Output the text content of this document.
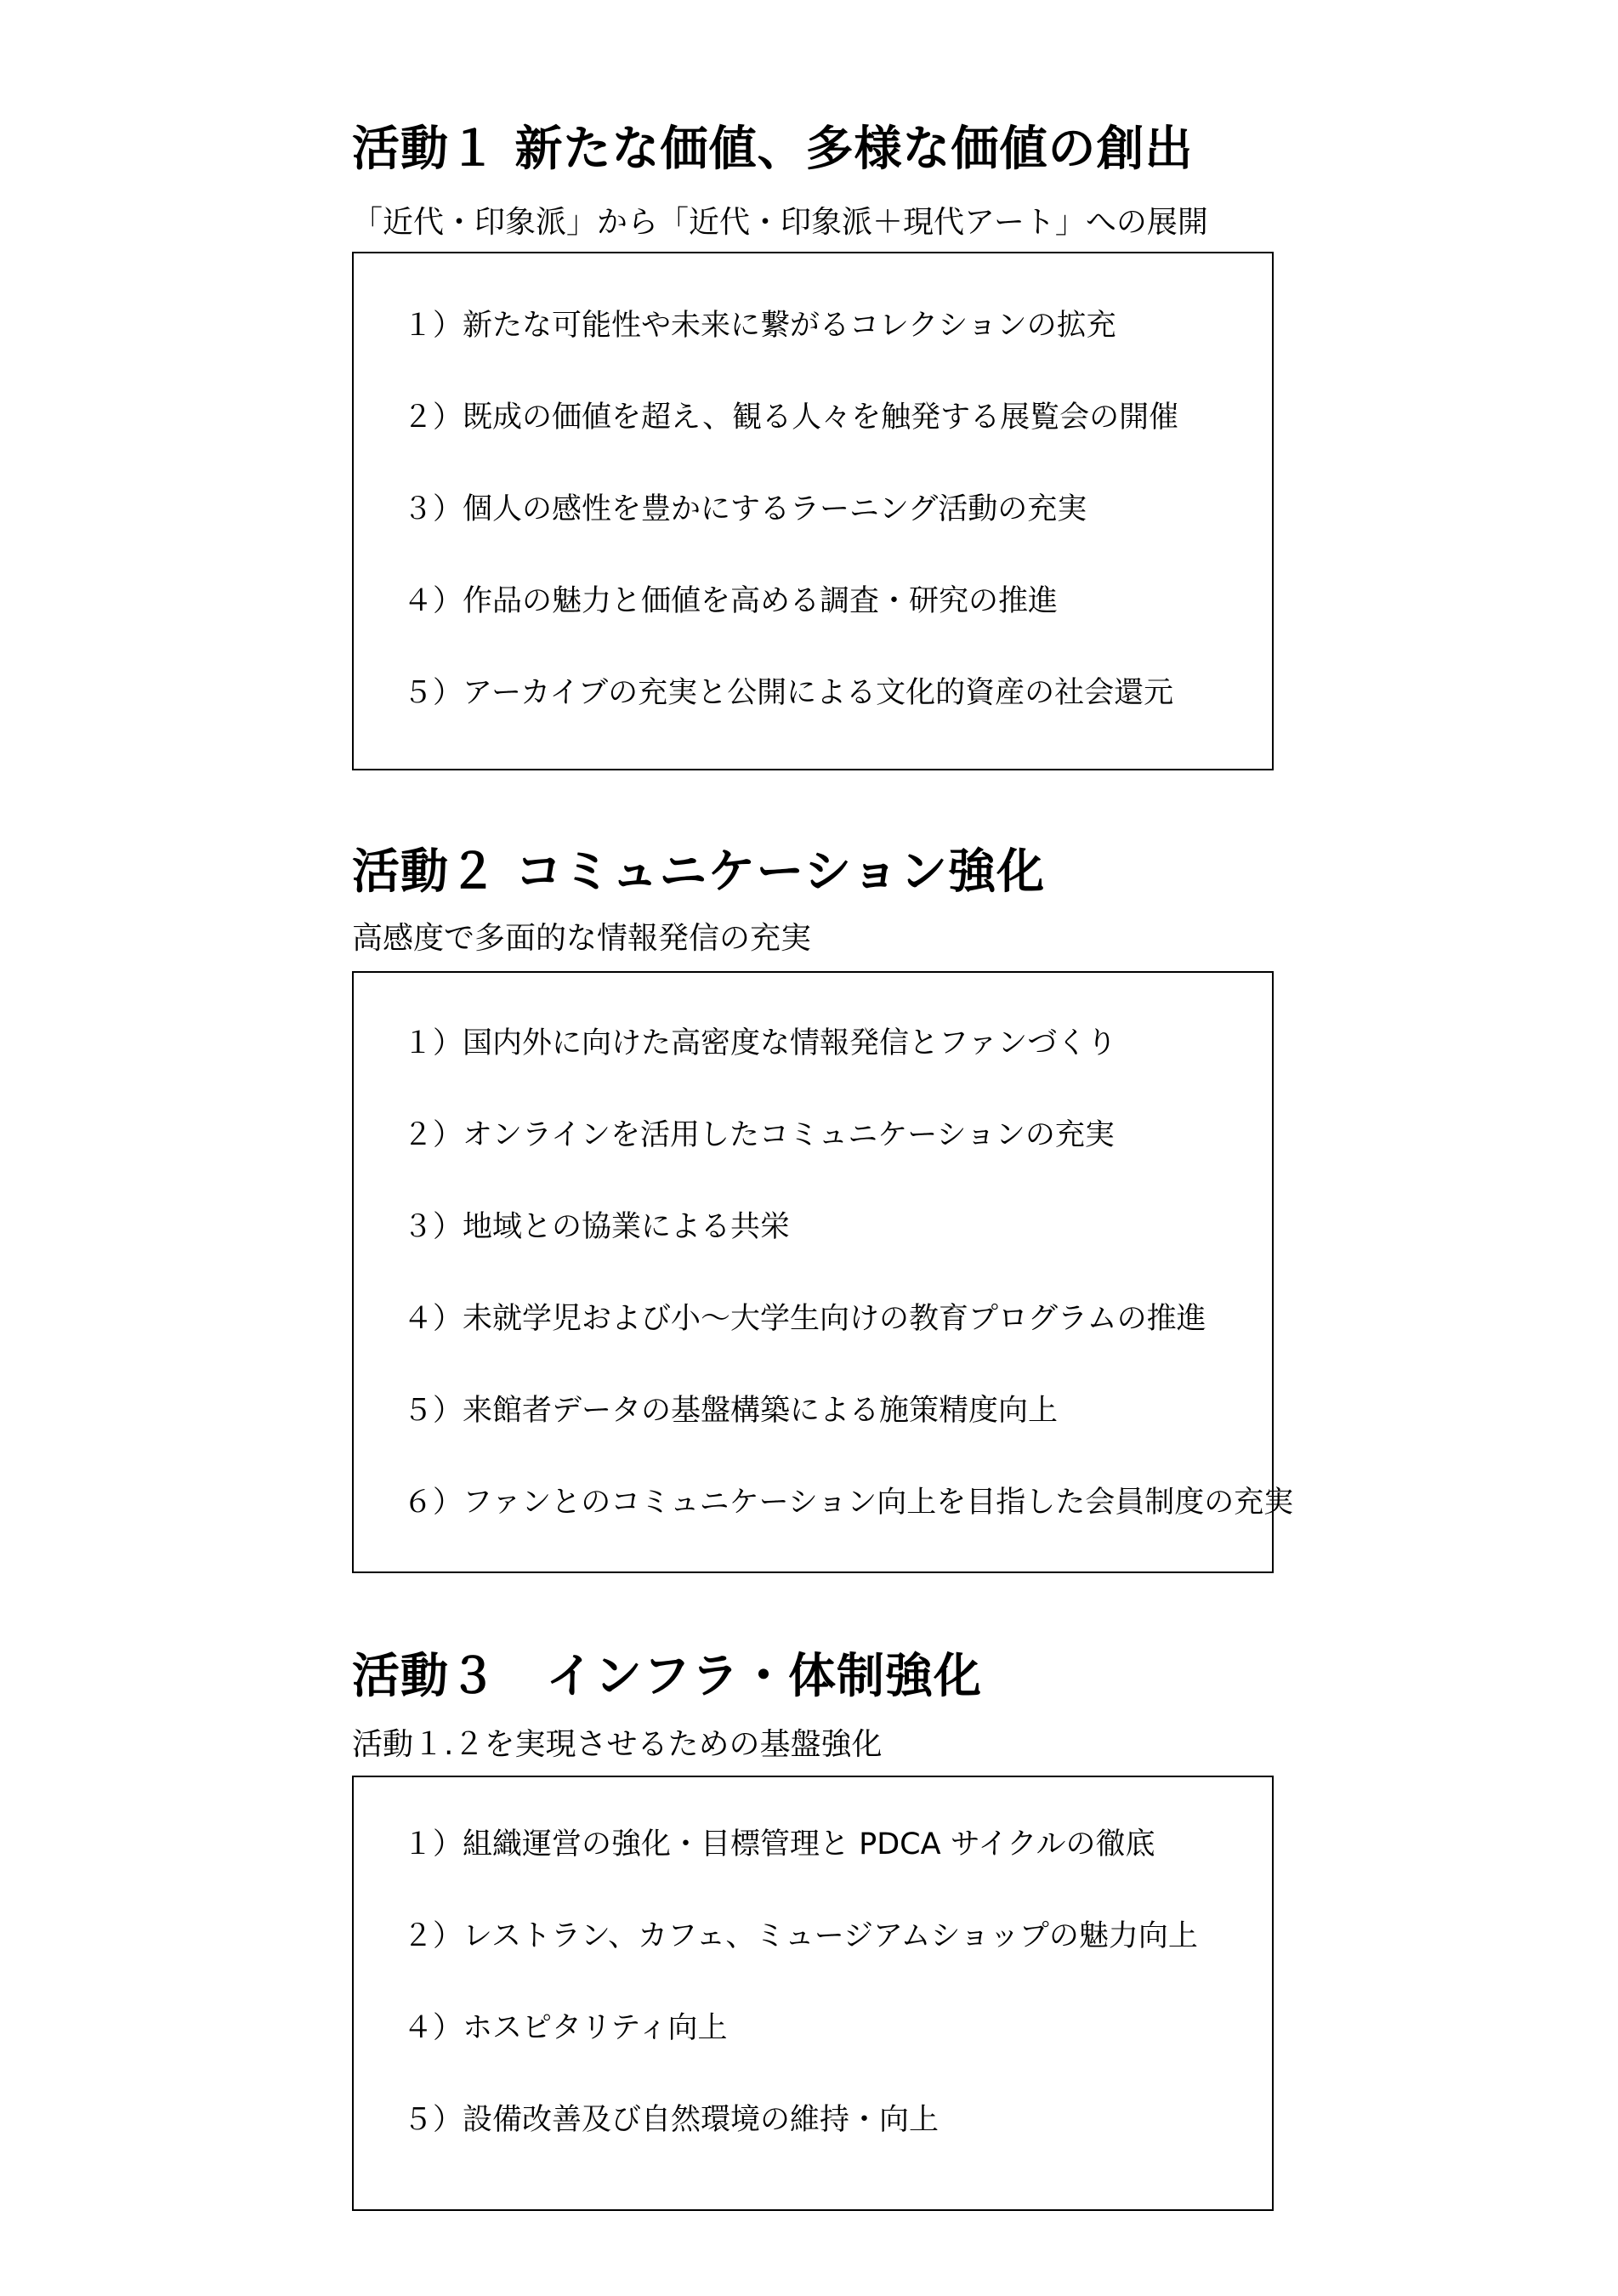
活動１ 新たな価値、多様な価値の創出
「近代・印象派」から「近代・印象派＋現代アート」への展開
１）新たな可能性や未来に繋がるコレクションの拡充
２）既成の価値を超え、観る人々を触発する展覧会の開催
３）個人の感性を豊かにするラーニング活動の充実
４）作品の魅力と価値を高める調査・研究の推進
５）アーカイブの充実と公開による文化的資産の社会還元
活動２ コミュニケーション強化
高感度で多面的な情報発信の充実
１）国内外に向けた高密度な情報発信とファンづくり
２）オンラインを活用したコミュニケーションの充実
３）地域との協業による共栄
４）未就学児および小～大学生向けの教育プログラムの推進
５）来館者データの基盤構築による施策精度向上
６）ファンとのコミュニケーション向上を目指した会員制度の充実
活動３　インフラ・体制強化
活動１.２を実現させるための基盤強化
１）組織運営の強化・目標管理と PDCA サイクルの徹底
２）レストラン、カフェ、ミュージアムショップの魅力向上
４）ホスピタリティ向上
５）設備改善及び自然環境の維持・向上
